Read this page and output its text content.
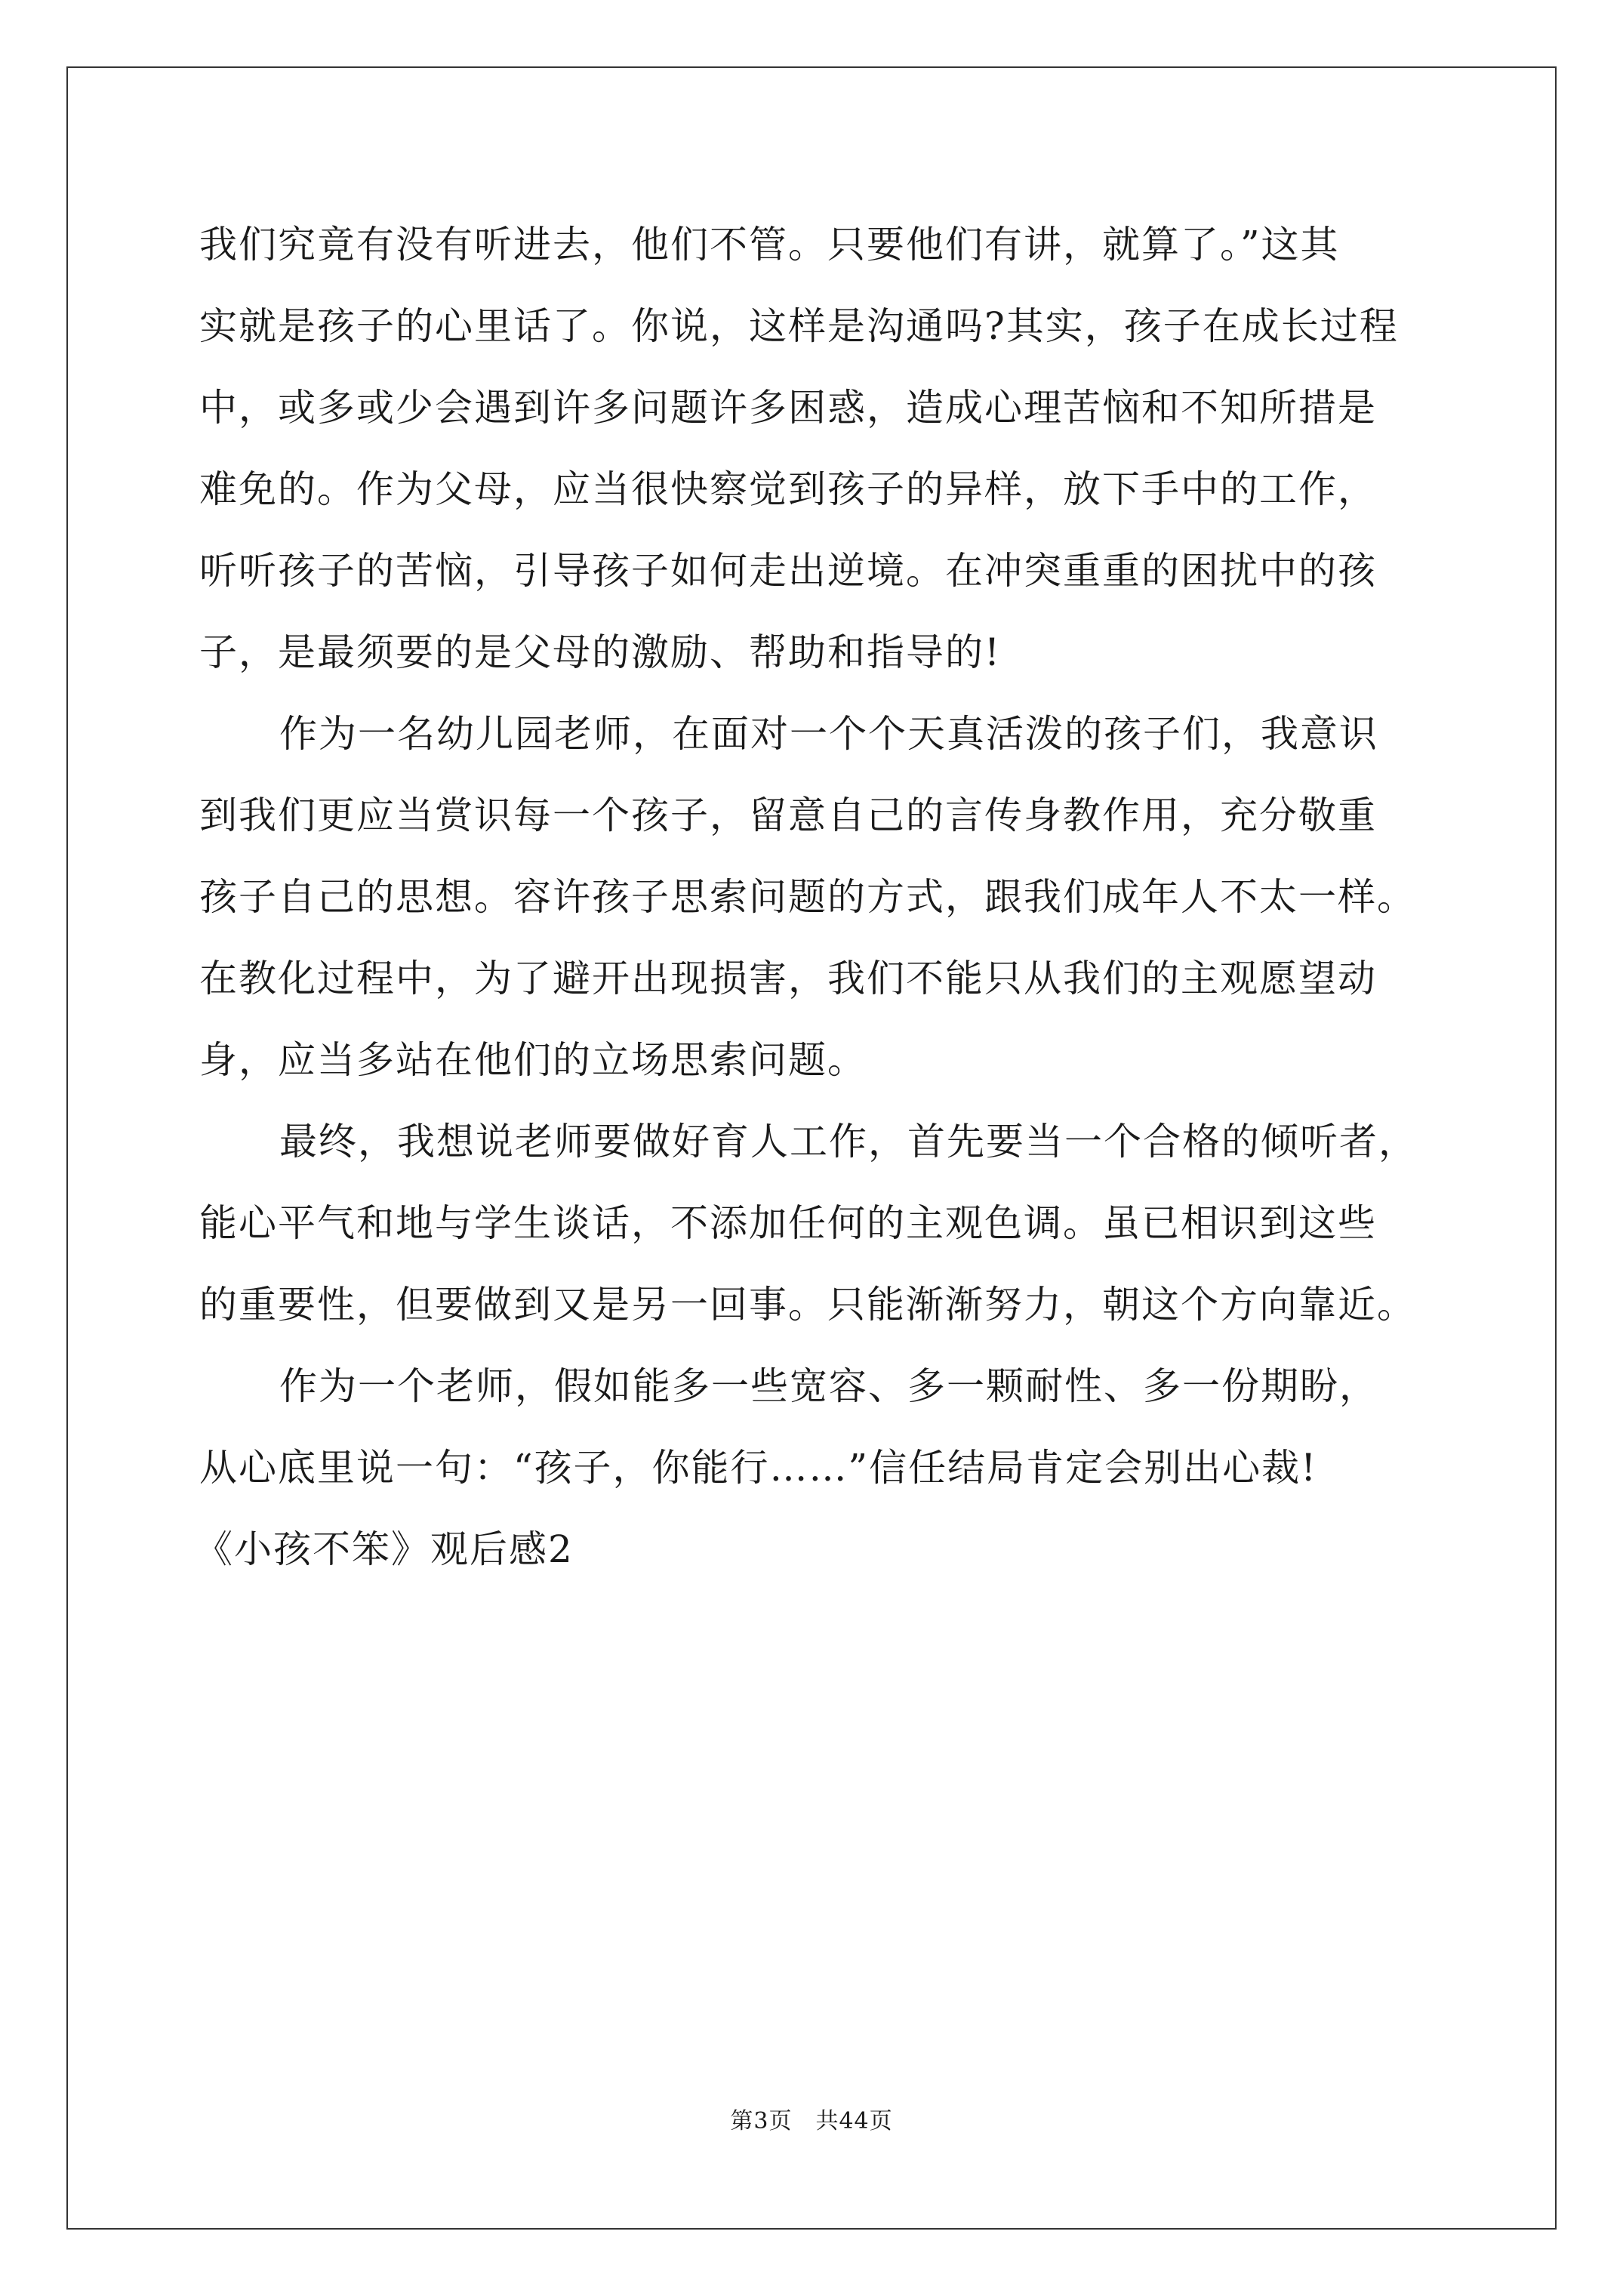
我们究竟有没有听进去，他们不管。只要他们有讲，就算了。”这其
实就是孩子的心里话了。你说，这样是沟通吗?其实，孩子在成长过程
中，或多或少会遇到许多问题许多困惑，造成心理苦恼和不知所措是
难免的。作为父母，应当很快察觉到孩子的异样，放下手中的工作，
听听孩子的苦恼，引导孩子如何走出逆境。在冲突重重的困扰中的孩
子，是最须要的是父母的激励、帮助和指导的!
作为一名幼儿园老师，在面对一个个天真活泼的孩子们，我意识
到我们更应当赏识每一个孩子，留意自己的言传身教作用，充分敬重
孩子自己的思想。容许孩子思索问题的方式，跟我们成年人不太一样。
在教化过程中，为了避开出现损害，我们不能只从我们的主观愿望动
身，应当多站在他们的立场思索问题。
最终，我想说老师要做好育人工作，首先要当一个合格的倾听者，
能心平气和地与学生谈话，不添加任何的主观色调。虽已相识到这些
的重要性，但要做到又是另一回事。只能渐渐努力，朝这个方向靠近。
作为一个老师，假如能多一些宽容、多一颗耐性、多一份期盼，
从心底里说一句：“孩子，你能行……”信任结局肯定会别出心裁!
《小孩不笨》观后感2
第3页　共44页
